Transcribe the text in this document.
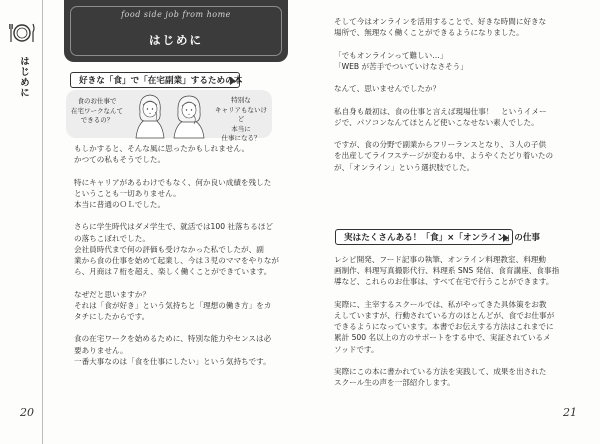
はじめに
20	21
food side job from home
はじめに
好きな「食」で「在宅副業」するための本
食のお仕事で
在宅ワークなんて
できるの？
特別な
キャリアもないけど
本当に
仕事になる？

もしかすると、そんな風に思ったかもしれません。

かつての私もそうでした。

特にキャリアがあるわけでもなく、何か良い成績を残した

ということも一切ありません。

本当に普通のＯＬでした。

さらに学生時代はダメ学生で、就活では100 社落ちるほど

の落ちこぼれでした。

会社員時代まで何の評価も受けなかった私でしたが、副

業から食の仕事を始めて起業し、今は３児のママをやりなが

ら、月商は７桁を超え、楽しく働くことができています。

なぜだと思いますか？

それは「食が好き」という気持ちと「理想の働き方」をカ

タチにしたからです。

食の在宅ワークを始めるために、特別な能力やセンスは必

要ありません。

一番大事なのは「食を仕事にしたい」という気持ちです。

そして今はオンラインを活用することで、好きな時間に好きな

場所で、無理なく働くことができるようになりました。

「でもオンラインって難しい…」

「WEB が苦手でついていけなさそう」

なんて、思いませんでしたか？

私自身も最初は、食の仕事と言えば現場仕事！　というイメー

ジで、パソコンなんてほとんど使いこなせない素人でした。

ですが、食の分野で副業からフリーランスとなり、３人の子供

を出産してライフステージが変わる中、ようやくたどり着いたの

が、「オンライン」という選択肢でした。

実はたくさんある！「食」×「オンライン」の仕事

レシピ開発、フード記事の執筆、オンライン料理教室、料理動

画制作、料理写真撮影代行、料理系 SNS 発信、食育講座、食事指

導など、これらのお仕事は、すべて在宅で行うことができます。

実際に、主宰するスクールでは、私がやってきた具体策をお教

えしていますが、行動されている方のほとんどが、食でお仕事が

できるようになっています。本書でお伝えする方法はこれまでに

累計 500 名以上の方のサポートをする中で、実証されているメ

ソッドです。

実際にこの本に書かれている方法を実践して、成果を出された

スクール生の声を一部紹介します。
